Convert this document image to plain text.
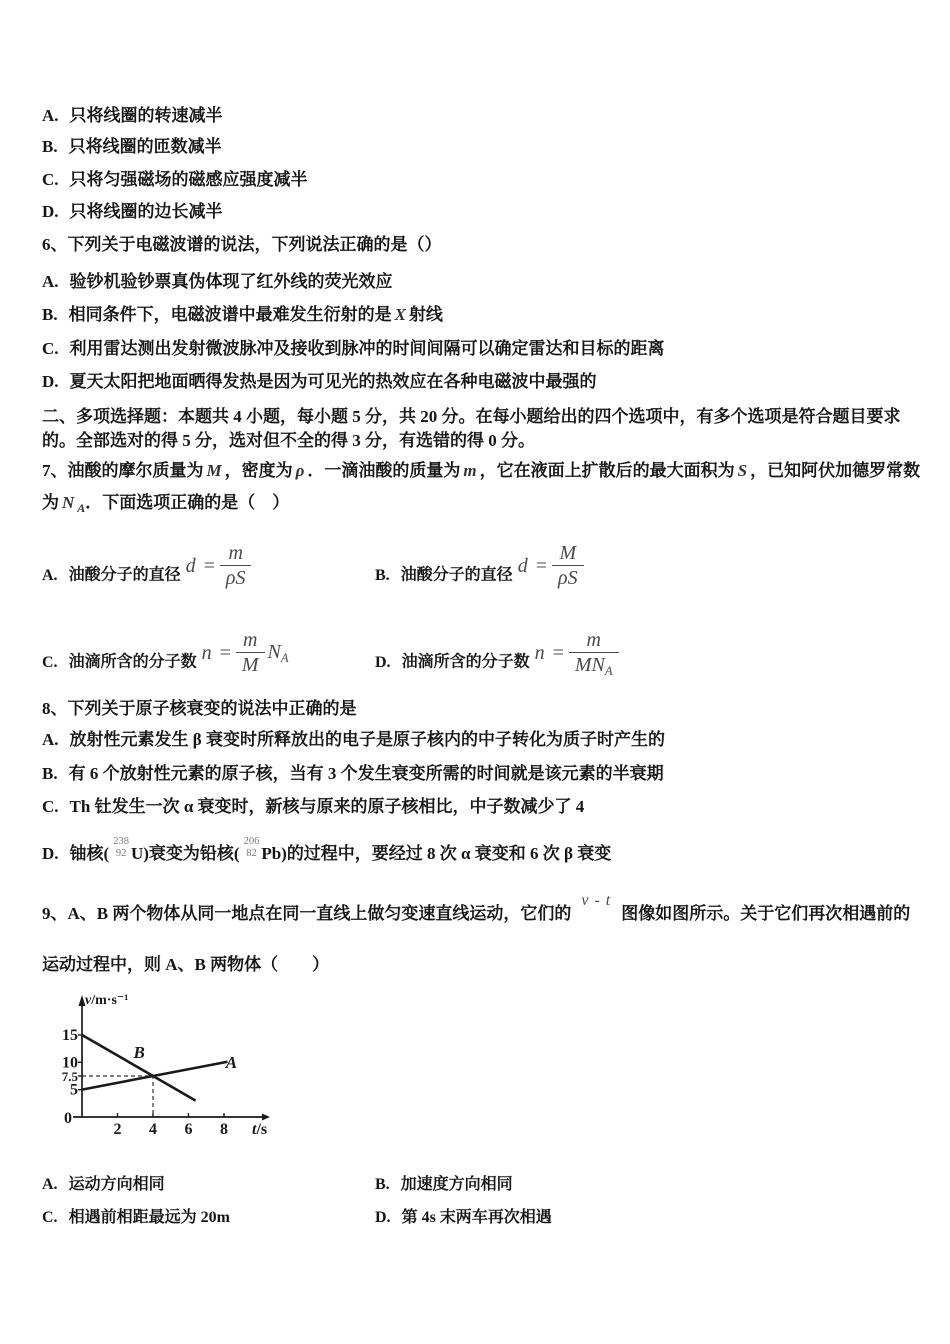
A. 只将线圈的转速减半
B. 只将线圈的匝数减半
C. 只将匀强磁场的磁感应强度减半
D. 只将线圈的边长减半
6、下列关于电磁波谱的说法，下列说法正确的是（）
A. 验钞机验钞票真伪体现了红外线的荧光效应
B. 相同条件下，电磁波谱中最难发生衍射的是 X 射线
C. 利用雷达测出发射微波脉冲及接收到脉冲的时间间隔可以确定雷达和目标的距离
D. 夏天太阳把地面晒得发热是因为可见光的热效应在各种电磁波中最强的
二、多项选择题：本题共 4 小题，每小题 5 分，共 20 分。在每小题给出的四个选项中，有多个选项是符合题目要求的。全部选对的得 5 分，选对但不全的得 3 分，有选错的得 0 分。
7、油酸的摩尔质量为 M ，密度为 ρ ．一滴油酸的质量为 m ，它在液面上扩散后的最大面积为 S ，已知阿伏加德罗常数为 N $_A$．下面选项正确的是（　）
A. 油酸分子的直径 $d = \frac{m}{\rho S}$	B. 油酸分子的直径 $d = \frac{M}{\rho S}$
C. 油滴所含的分子数 $n = \frac{m}{M} N_A$	D. 油滴所含的分子数 $n = \frac{m}{MN_A}$
8、下列关于原子核衰变的说法中正确的是
A. 放射性元素发生 β 衰变时所释放出的电子是原子核内的中子转化为质子时产生的
B. 有 6 个放射性元素的原子核，当有 3 个发生衰变所需的时间就是该元素的半衰期
C. Th 钍发生一次 α 衰变时，新核与原来的原子核相比，中子数减少了 4
D. 铀核(
238
92 U)衰变为铅核(
206
82 Pb)的过程中，要经过 8 次 α 衰变和 6 次 β 衰变
9、A、B 两个物体从同一地点在同一直线上做匀变速直线运动，它们的v - t图像如图所示。关于它们再次相遇前的运动过程中，则 A、B 两物体（　　）
2 4 6 8
0
5
7.5
10
15
B
A
v/m·s⁻¹
t/s
A. 运动方向相同	B. 加速度方向相同
C. 相遇前相距最远为 20m	D. 第 4s 末两车再次相遇
